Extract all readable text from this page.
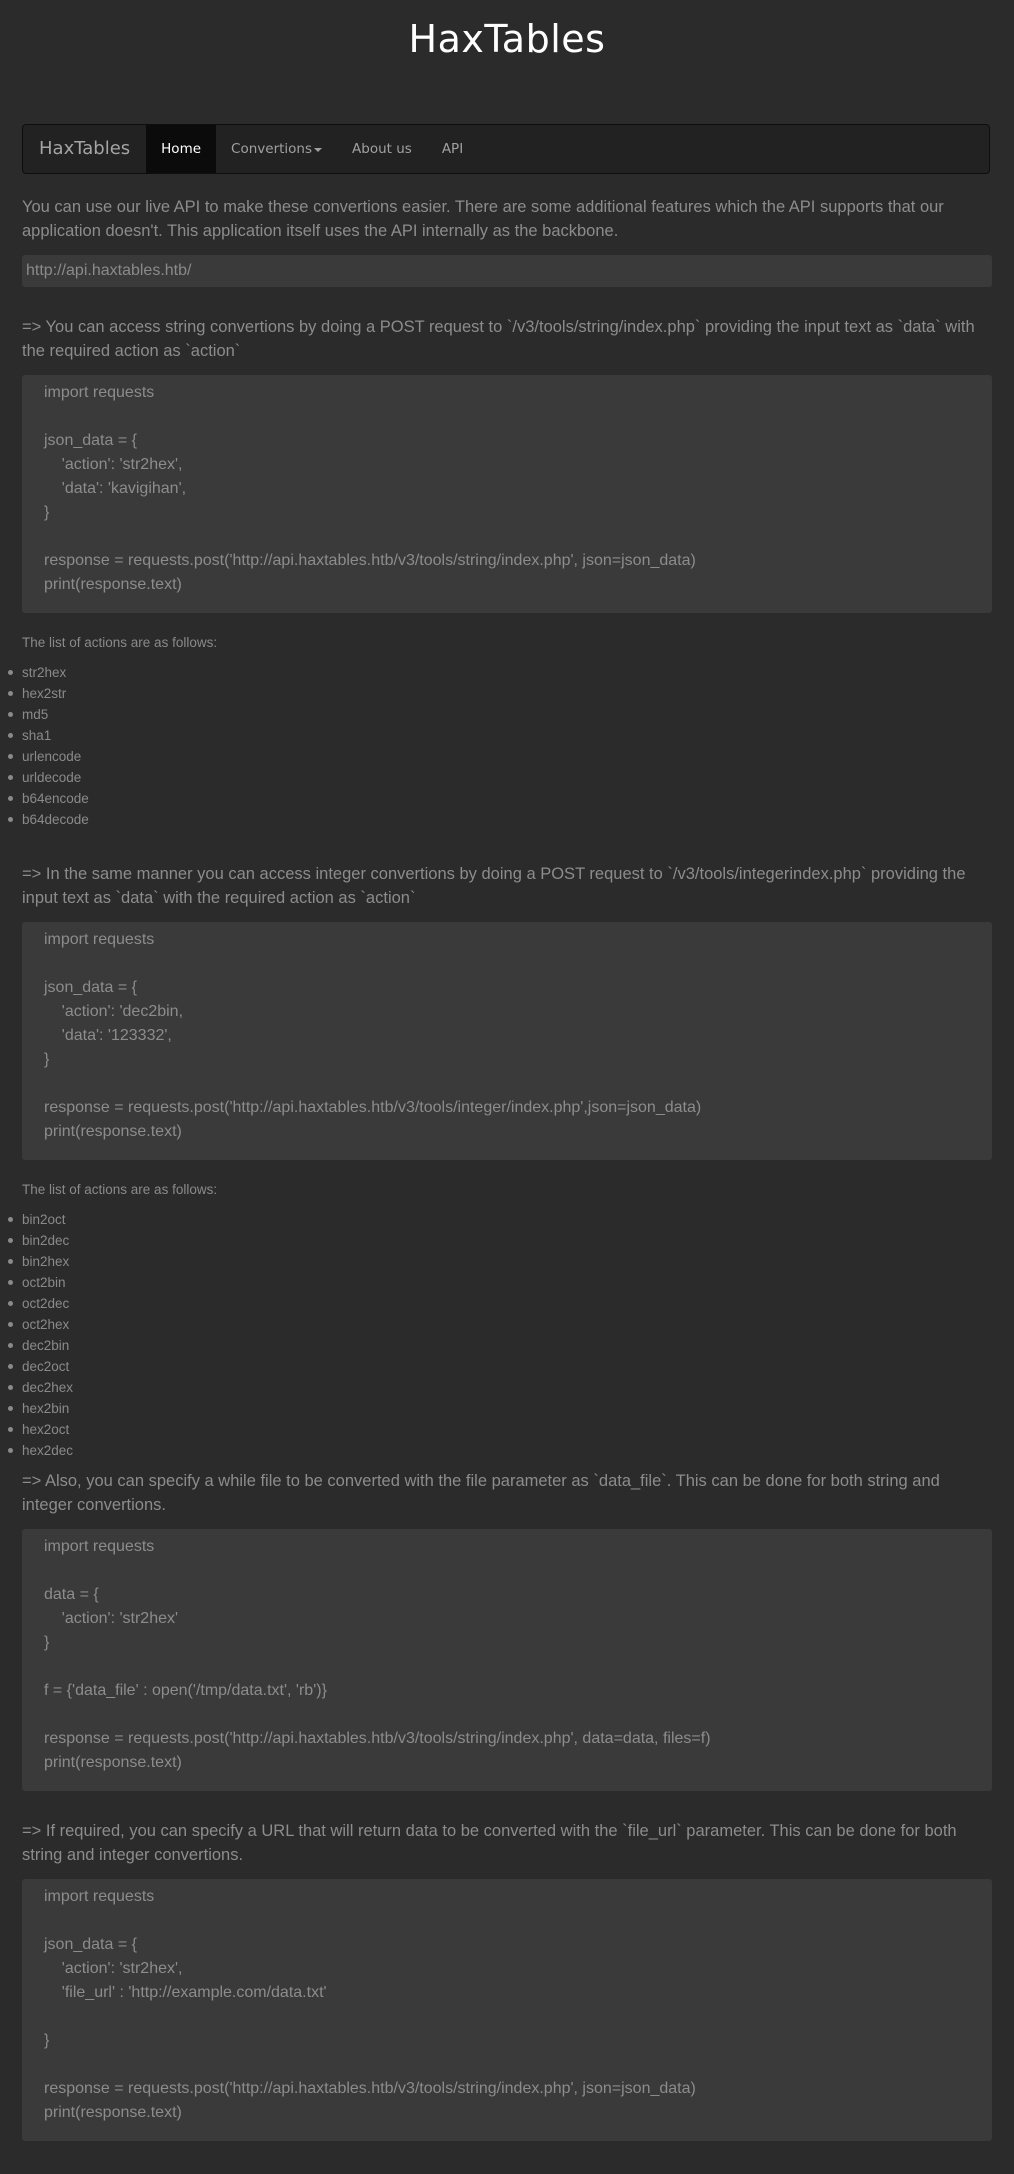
HaxTables
HaxTables	Home Convertions	About us API

You can use our live API to make these convertions easier. There are some additional features which the API supports that our application doesn't. This application itself uses the API internally as the backbone.

http://api.haxtables.htb/

=> You can access string convertions by doing a POST request to `/v3/tools/string/index.php` providing the input text as `data` with the required action as `action`

import requests
json_data = {
'action': 'str2hex',
'data': 'kavigihan',
}
response = requests.post('http://api.haxtables.htb/v3/tools/string/index.php', json=json_data)
print(response.text)

The list of actions are as follows:

str2hex
hex2str
md5
sha1
urlencode
urldecode
b64encode
b64decode

=> In the same manner you can access integer convertions by doing a POST request to `/v3/tools/integerindex.php` providing the input text as `data` with the required action as `action`

import requests
json_data = {
'action': 'dec2bin,
'data': '123332',
}
response = requests.post('http://api.haxtables.htb/v3/tools/integer/index.php',json=json_data)
print(response.text)

The list of actions are as follows:

bin2oct
bin2dec
bin2hex
oct2bin
oct2dec
oct2hex
dec2bin
dec2oct
dec2hex
hex2bin
hex2oct
hex2dec

=> Also, you can specify a while file to be converted with the file parameter as `data_file`. This can be done for both string and integer convertions.

import requests
data = {
'action': 'str2hex'
}
f = {'data_file' : open('/tmp/data.txt', 'rb')}
response = requests.post('http://api.haxtables.htb/v3/tools/string/index.php', data=data, files=f)
print(response.text)

=> If required, you can specify a URL that will return data to be converted with the `file_url` parameter. This can be done for both string and integer convertions.

import requests
json_data = {
'action': 'str2hex',
'file_url' : 'http://example.com/data.txt'
}
response = requests.post('http://api.haxtables.htb/v3/tools/string/index.php', json=json_data)
print(response.text)
